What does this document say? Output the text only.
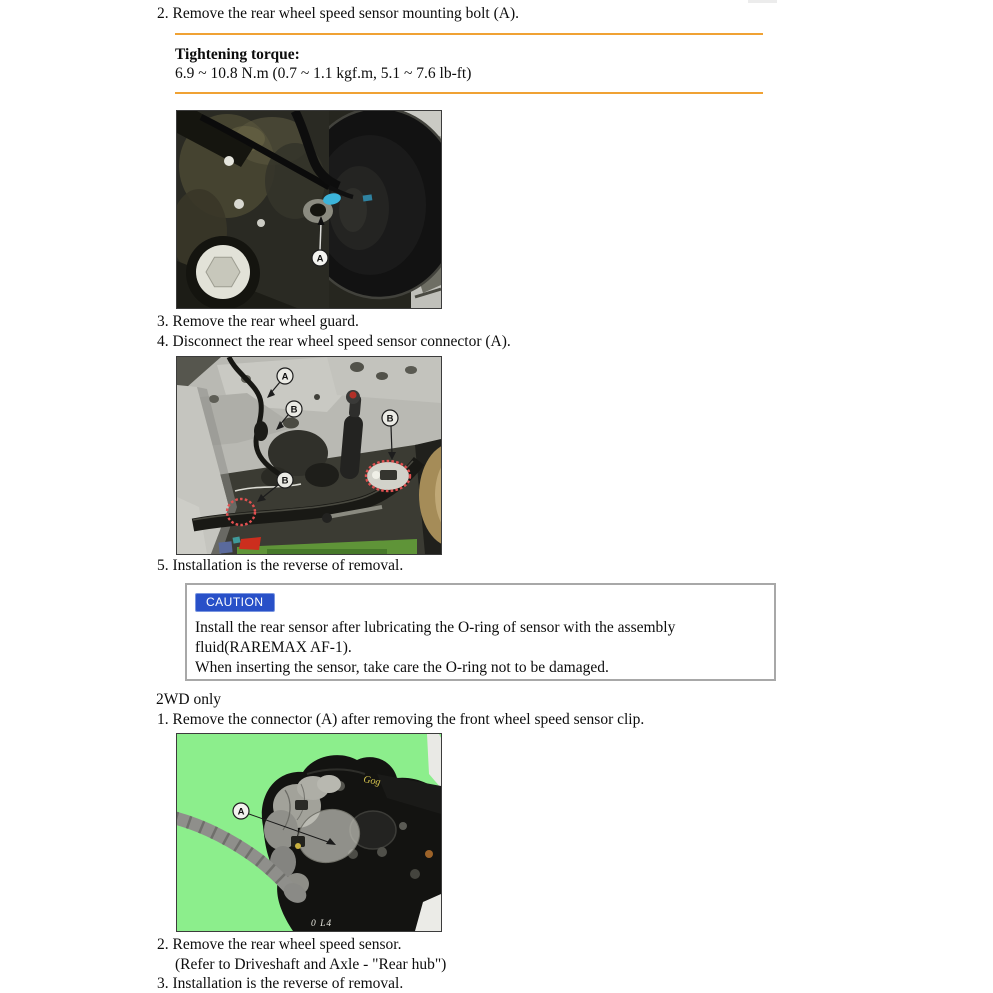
2. Remove the rear wheel speed sensor mounting bolt (A).
Tightening torque:
6.9 ~ 10.8 N.m (0.7 ~ 1.1 kgf.m, 5.1 ~ 7.6 lb-ft)
A
3. Remove the rear wheel guard.
4. Disconnect the rear wheel speed sensor connector (A).
A
B
B
B
5. Installation is the reverse of removal.
CAUTION
Install the rear sensor after lubricating the O-ring of sensor with the assembly fluid(RAREMAX AF-1).
When inserting the sensor, take care the O-ring not to be damaged.
2WD only
1. Remove the connector (A) after removing the front wheel speed sensor clip.
Gog
0 L4
A
2. Remove the rear wheel speed sensor.
(Refer to Driveshaft and Axle - "Rear hub")
3. Installation is the reverse of removal.
